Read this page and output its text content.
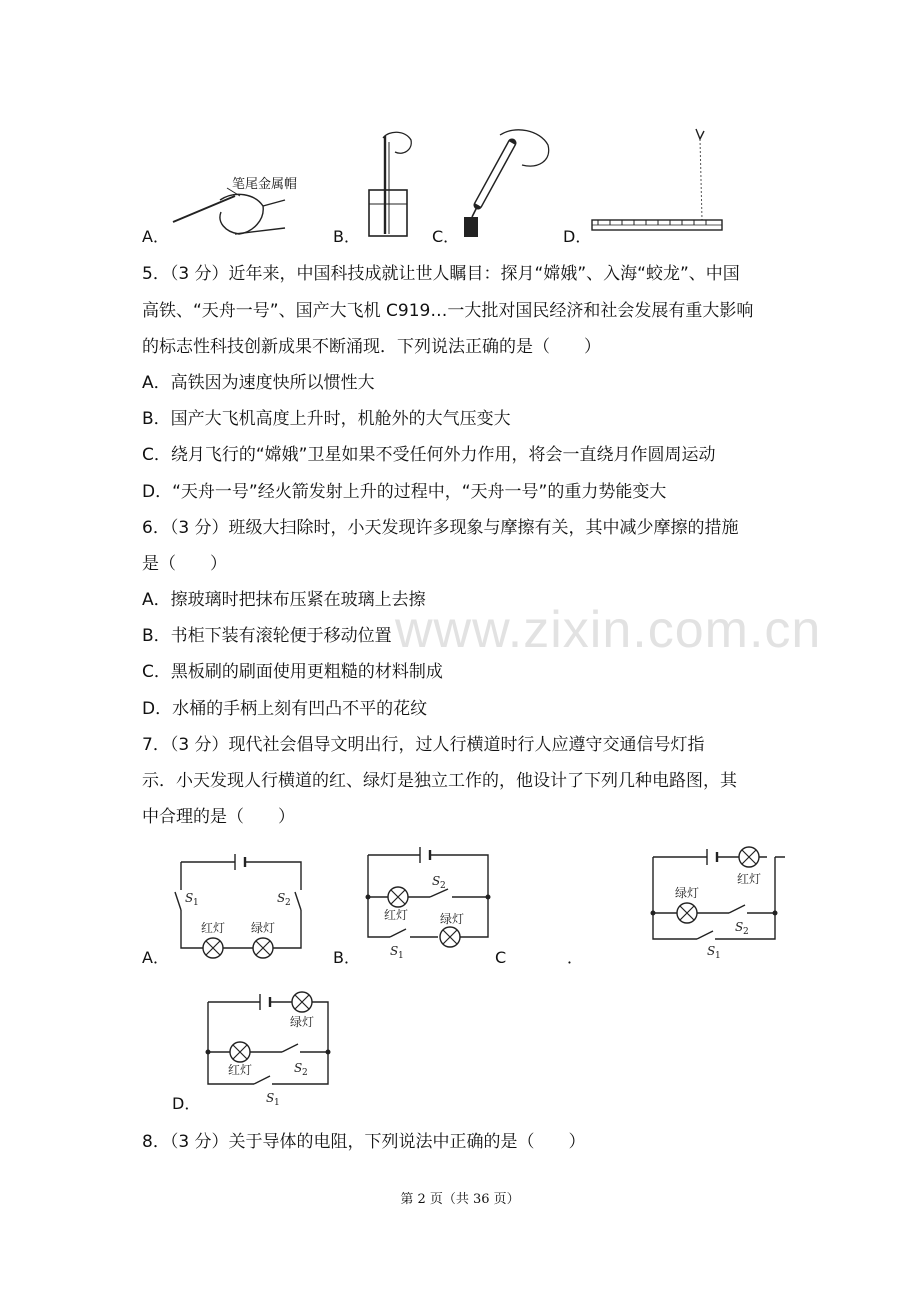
笔尾金属帽
A．	B．	C．	D．
5．（3 分）近年来，中国科技成就让世人瞩目：探月“嫦娥”、入海“蛟龙”、中国
高铁、“天舟一号”、国产大飞机 C919…一大批对国民经济和社会发展有重大影响
的标志性科技创新成果不断涌现．下列说法正确的是（　　）
A．高铁因为速度快所以惯性大
B．国产大飞机高度上升时，机舱外的大气压变大
C．绕月飞行的“嫦娥”卫星如果不受任何外力作用，将会一直绕月作圆周运动
D．“天舟一号”经火箭发射上升的过程中，“天舟一号”的重力势能变大
6．（3 分）班级大扫除时，小天发现许多现象与摩擦有关，其中减少摩擦的措施
是（　　）
A．擦玻璃时把抹布压紧在玻璃上去擦
B．书柜下装有滚轮便于移动位置
C．黑板刷的刷面使用更粗糙的材料制成
D．水桶的手柄上刻有凹凸不平的花纹
7．（3 分）现代社会倡导文明出行，过人行横道时行人应遵守交通信号灯指
示．小天发现人行横道的红、绿灯是独立工作的，他设计了下列几种电路图，其
中合理的是（　　）
S 1	S 2
红灯 绿灯
S 2
红灯	绿灯
S 1
红灯
绿灯
S 2
S 1
A．	B．	C	．
绿灯
红灯	S 2
S 1
D．
8．（3 分）关于导体的电阻，下列说法中正确的是（　　）
www.zixin.com.cn
第 2 页（共 36 页）
